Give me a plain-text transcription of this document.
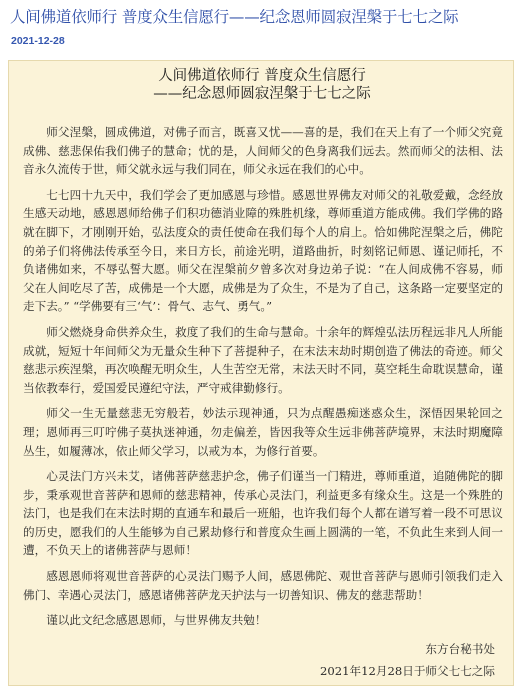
人间佛道依师行 普度众生信愿行——纪念恩师圆寂涅槃于七七之际
2021-12-28
人间佛道依师行 普度众生信愿行
——纪念恩师圆寂涅槃于七七之际

师父涅槃，圆成佛道，对佛子而言，既喜又忧——喜的是，我们在天上有了一个师父究竟成佛、慈悲保佑我们佛子的慧命；忧的是，人间师父的色身离我们远去。然而师父的法相、法音永久流传于世，师父就永远与我们同在，师父永远在我们的心中。

七七四十九天中，我们学会了更加感恩与珍惜。感恩世界佛友对师父的礼敬爱戴，念经放生感天动地，感恩恩师给佛子们积功德消业障的殊胜机缘，尊师重道方能成佛。我们学佛的路就在脚下，才刚刚开始，弘法度众的责任使命在我们每个人的肩上。恰如佛陀涅槃之后，佛陀的弟子们将佛法传承至今日，来日方长，前途光明，道路曲折，时刻铭记师恩、谨记师托，不负诸佛如来，不辱弘誓大愿。师父在涅槃前夕曾多次对身边弟子说：“在人间成佛不容易，师父在人间吃尽了苦，成佛是一个大愿，成佛是为了众生，不是为了自己，这条路一定要坚定的走下去。” “学佛要有三‘气’：骨气、志气、勇气。”

师父燃烧身命供养众生，救度了我们的生命与慧命。十余年的辉煌弘法历程远非凡人所能成就，短短十年间师父为无量众生种下了菩提种子，在末法末劫时期创造了佛法的奇迹。师父慈悲示疾涅槃，再次唤醒无明众生，人生苦空无常，末法天时不同，莫空耗生命耽误慧命，谨当依教奉行，爱国爱民遵纪守法，严守戒律勤修行。

师父一生无量慈悲无穷般若，妙法示现神通，只为点醒愚痴迷惑众生，深悟因果轮回之理；恩师再三叮咛佛子莫执迷神通，勿走偏差，皆因我等众生远非佛菩萨境界，末法时期魔障丛生，如履薄冰，依止师父学习，以戒为本，为修行首要。

心灵法门方兴未艾，诸佛菩萨慈悲护念，佛子们谨当一门精进，尊师重道，追随佛陀的脚步，秉承观世音菩萨和恩师的慈悲精神，传承心灵法门，利益更多有缘众生。这是一个殊胜的法门，也是我们在末法时期的直通车和最后一班船，也许我们每个人都在谱写着一段不可思议的历史，愿我们的人生能够为自己累劫修行和普度众生画上圆满的一笔，不负此生来到人间一遭，不负天上的诸佛菩萨与恩师！

感恩恩师将观世音菩萨的心灵法门赐予人间，感恩佛陀、观世音菩萨与恩师引领我们走入佛门、幸遇心灵法门，感恩诸佛菩萨龙天护法与一切善知识、佛友的慈悲帮助！

谨以此文纪念感恩恩师，与世界佛友共勉！

东方台秘书处
2021年12月28日于师父七七之际
